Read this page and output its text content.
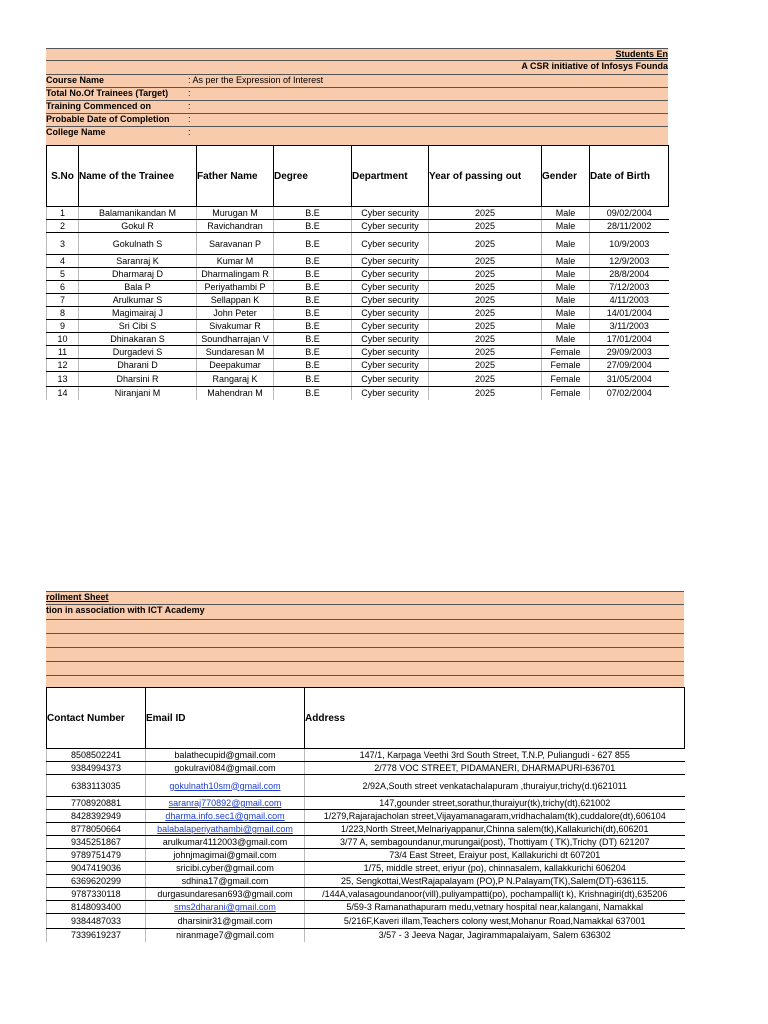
Students En
A CSR initiative of Infosys Founda
Course Name	: As per the Expression of Interest
Total No.Of Trainees (Target) :
Training Commenced on	:
Probable Date of Completion :
College Name	:
S.No	Name of the Trainee	Father Name	Degree	Department	Year of passing out	Gender	Date of Birth
1	Balamanikandan M	Murugan M	B.E	Cyber security	2025	Male	09/02/2004
2	Gokul R	Ravichandran	B.E	Cyber security	2025	Male	28/11/2002
3	Gokulnath S	Saravanan P	B.E	Cyber security	2025	Male	10/9/2003
4	Saranraj K	Kumar M	B.E	Cyber security	2025	Male	12/9/2003
5	Dharmaraj D	Dharmalingam R	B.E	Cyber security	2025	Male	28/8/2004
6	Bala P	Periyathambi P	B.E	Cyber security	2025	Male	7/12/2003
7	Arulkumar S	Sellappan K	B.E	Cyber security	2025	Male	4/11/2003
8	Magimairaj J	John Peter	B.E	Cyber security	2025	Male	14/01/2004
9	Sri Cibi S	Sivakumar R	B.E	Cyber security	2025	Male	3/11/2003
10	Dhinakaran S	Soundharrajan V	B.E	Cyber security	2025	Male	17/01/2004
11	Durgadevi S	Sundaresan M	B.E	Cyber security	2025	Female	29/09/2003
12	Dharani D	Deepakumar	B.E	Cyber security	2025	Female	27/09/2004
13	Dharsini R	Rangaraj K	B.E	Cyber security	2025	Female	31/05/2004
14	Niranjani M	Mahendran M	B.E	Cyber security	2025	Female	07/02/2004
rollment Sheet
tion in association with ICT Academy
Contact Number	Email ID	Address
8508502241	balathecupid@gmail.com	147/1, Karpaga Veethi 3rd South Street, T.N.P, Puliangudi - 627 855
9384994373	gokulravi084@gmail.com	2/778 VOC STREET, PIDAMANERI, DHARMAPURI-636701
6383113035	gokulnath10sm@gmail.com	2/92A,South street venkatachalapuram ,thuraiyur,trichy(d.t)621011
7708920881	saranraj770892@gmail.com	147,gounder street,sorathur,thuraiyur(tk),trichy(dt),621002
8428392949	dharma.info.sec1@gmail.com	1/279,Rajarajacholan street,Vijayamanagaram,vridhachalam(tk),cuddalore(dt),606104
8778050664	balabalaperiyathambi@gmail.com	1/223,North Street,Melnariyappanur,Chinna salem(tk),Kallakurichi(dt),606201
9345251867	arulkumar4112003@gmail.com	3/77 A, sembagoundanur,murungai(post), Thottiyam ( TK),Trichy (DT) 621207
9789751479	johnjmagimai@gmail.com	73/4 East Street, Eraiyur post, Kallakurichi dt 607201
9047419036	sricibi.cyber@gmail.com	1/75, middle street, eriyur (po), chinnasalem, kallakkurichi 606204
6369620299	sdhina17@gmail.com	25, Sengkottai,WestRajapalayam (PO),P N.Palayam(TK),Salem(DT)-636115.
9787330118	durgasundaresan693@gmail.com	/144A,valasagoundanoor(vill),puliyampatti(po), pochampalli(t k), Krishnagiri(dt),635206
8148093400	sms2dharani@gmail.com	5/59-3 Ramanathapuram medu,vetnary hospital near,kalangani, Namakkal
9384487033	dharsinir31@gmail.com	5/216F,Kaveri illam,Teachers colony west,Mohanur Road,Namakkal 637001
7339619237	niranmage7@gmail.com	3/57 - 3 Jeeva Nagar, Jagirammapalaiyam, Salem 636302
